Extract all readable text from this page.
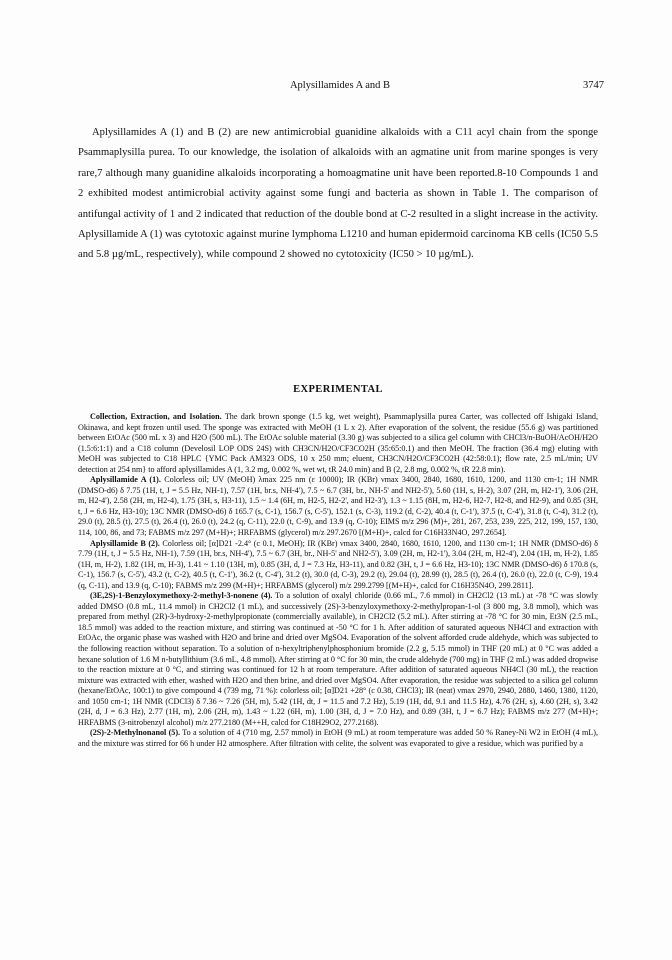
Aplysillamides A and B	3747

Aplysillamides A (1) and B (2) are new antimicrobial guanidine alkaloids with a C11 acyl chain from the sponge Psammaplysilla purea. To our knowledge, the isolation of alkaloids with an agmatine unit from marine sponges is very rare,7 although many guanidine alkaloids incorporating a homoagmatine unit have been reported.8-10 Compounds 1 and 2 exhibited modest antimicrobial activity against some fungi and bacteria as shown in Table 1. The comparison of antifungal activity of 1 and 2 indicated that reduction of the double bond at C-2 resulted in a slight increase in the activity. Aplysillamide A (1) was cytotoxic against murine lymphoma L1210 and human epidermoid carcinoma KB cells (IC50 5.5 and 5.8 µg/mL, respectively), while compound 2 showed no cytotoxicity (IC50 > 10 µg/mL).

EXPERIMENTAL

Collection, Extraction, and Isolation. The dark brown sponge (1.5 kg, wet weight), Psammaplysilla purea Carter, was collected off Ishigaki Island, Okinawa, and kept frozen until used. The sponge was extracted with MeOH (1 L x 2). After evaporation of the solvent, the residue (55.6 g) was partitioned between EtOAc (500 mL x 3) and H2O (500 mL). The EtOAc soluble material (3.30 g) was subjected to a silica gel column with CHCl3/n-BuOH/AcOH/H2O (1.5:6:1:1) and a C18 column (Develosil LOP ODS 24S) with CH3CN/H2O/CF3CO2H (35:65:0.1) and then MeOH. The fraction (36.4 mg) eluting with MeOH was subjected to C18 HPLC {YMC Pack AM323 ODS, 10 x 250 mm; eluent, CH3CN/H2O/CF3CO2H (42:58:0.1); flow rate, 2.5 mL/min; UV detection at 254 nm} to afford aplysillamides A (1, 3.2 mg, 0.002 %, wet wt, tR 24.0 min) and B (2, 2.8 mg, 0.002 %, tR 22.8 min).

Aplysillamide A (1). Colorless oil; UV (MeOH) λmax 225 nm (ε 10000); IR (KBr) νmax 3400, 2840, 1680, 1610, 1200, and 1130 cm-1; 1H NMR (DMSO-d6) δ 7.75 (1H, t, J = 5.5 Hz, NH-1), 7.57 (1H, br.s, NH-4'), 7.5 ~ 6.7 (3H, br., NH-5' and NH2-5'), 5.60 (1H, s, H-2), 3.07 (2H, m, H2-1'), 3.06 (2H, m, H2-4'), 2.58 (2H, m, H2-4), 1.75 (3H, s, H3-11), 1.5 ~ 1.4 (6H, m, H2-5, H2-2', and H2-3'), 1.3 ~ 1.15 (8H, m, H2-6, H2-7, H2-8, and H2-9), and 0.85 (3H, t, J = 6.6 Hz, H3-10); 13C NMR (DMSO-d6) δ 165.7 (s, C-1), 156.7 (s, C-5'), 152.1 (s, C-3), 119.2 (d, C-2), 40.4 (t, C-1'), 37.5 (t, C-4'), 31.8 (t, C-4), 31.2 (t), 29.0 (t), 28.5 (t), 27.5 (t), 26.4 (t), 26.0 (t), 24.2 (q, C-11), 22.0 (t, C-9), and 13.9 (q, C-10); EIMS m/z 296 (M)+, 281, 267, 253, 239, 225, 212, 199, 157, 130, 114, 100, 86, and 73; FABMS m/z 297 (M+H)+; HRFABMS (glycerol) m/z 297.2670 [(M+H)+, calcd for C16H33N4O, 297.2654].

Aplysillamide B (2). Colorless oil; [α]D21 -2.4° (c 0.1, MeOH); IR (KBr) νmax 3400, 2840, 1680, 1610, 1200, and 1130 cm-1; 1H NMR (DMSO-d6) δ 7.79 (1H, t, J = 5.5 Hz, NH-1), 7.59 (1H, br.s, NH-4'), 7.5 ~ 6.7 (3H, br., NH-5' and NH2-5'), 3.09 (2H, m, H2-1'), 3.04 (2H, m, H2-4'), 2.04 (1H, m, H-2), 1.85 (1H, m, H-2), 1.82 (1H, m, H-3), 1.41 ~ 1.10 (13H, m), 0.85 (3H, d, J = 7.3 Hz, H3-11), and 0.82 (3H, t, J = 6.6 Hz, H3-10); 13C NMR (DMSO-d6) δ 170.8 (s, C-1), 156.7 (s, C-5'), 43.2 (t, C-2), 40.5 (t, C-1'), 36.2 (t, C-4'), 31.2 (t), 30.0 (d, C-3), 29.2 (t), 29.04 (t), 28.99 (t), 28.5 (t), 26.4 (t), 26.0 (t), 22.0 (t, C-9), 19.4 (q, C-11), and 13.9 (q, C-10); FABMS m/z 299 (M+H)+; HRFABMS (glycerol) m/z 299.2799 [(M+H)+, calcd for C16H35N4O, 299.2811].

(3E,2S)-1-Benzyloxymethoxy-2-methyl-3-nonene (4). To a solution of oxalyl chloride (0.66 mL, 7.6 mmol) in CH2Cl2 (13 mL) at -78 °C was slowly added DMSO (0.8 mL, 11.4 mmol) in CH2Cl2 (1 mL), and successively (2S)-3-benzyloxymethoxy-2-methylpropan-1-ol (3 800 mg, 3.8 mmol), which was prepared from methyl (2R)-3-hydroxy-2-methylpropionate (commercially available), in CH2Cl2 (5.2 mL). After stirring at -78 °C for 30 min, Et3N (2.5 mL, 18.5 mmol) was added to the reaction mixture, and stirring was continued at -50 °C for 1 h. After addition of saturated aqueous NH4Cl and extraction with EtOAc, the organic phase was washed with H2O and brine and dried over MgSO4. Evaporation of the solvent afforded crude aldehyde, which was subjected to the following reaction without separation. To a solution of n-hexyltriphenylphosphonium bromide (2.2 g, 5.15 mmol) in THF (20 mL) at 0 °C was added a hexane solution of 1.6 M n-butyllithium (3.6 mL, 4.8 mmol). After stirring at 0 °C for 30 min, the crude aldehyde (700 mg) in THF (2 mL) was added dropwise to the reaction mixture at 0 °C, and stirring was continued for 12 h at room temperature. After addition of saturated aqueous NH4Cl (30 mL), the reaction mixture was extracted with ether, washed with H2O and then brine, and dried over MgSO4. After evaporation, the residue was subjected to a silica gel column (hexane/EtOAc, 100:1) to give compound 4 (739 mg, 71 %): colorless oil; [α]D21 +28° (c 0.38, CHCl3); IR (neat) νmax 2970, 2940, 2880, 1460, 1380, 1120, and 1050 cm-1; 1H NMR (CDCl3) δ 7.36 ~ 7.26 (5H, m), 5.42 (1H, dt, J = 11.5 and 7.2 Hz), 5.19 (1H, dd, 9.1 and 11.5 Hz), 4.76 (2H, s), 4.60 (2H, s), 3.42 (2H, d, J = 6.3 Hz), 2.77 (1H, m), 2.06 (2H, m), 1.43 ~ 1.22 (6H, m), 1.00 (3H, d, J = 7.0 Hz), and 0.89 (3H, t, J = 6.7 Hz); FABMS m/z 277 (M+H)+; HRFABMS (3-nitrobenzyl alcohol) m/z 277.2180 (M++H, calcd for C18H29O2, 277.2168).

(2S)-2-Methylnonanol (5). To a solution of 4 (710 mg, 2.57 mmol) in EtOH (9 mL) at room temperature was added 50 % Raney-Ni W2 in EtOH (4 mL), and the mixture was stirred for 66 h under H2 atmosphere. After filtration with celite, the solvent was evaporated to give a residue, which was purified by a
